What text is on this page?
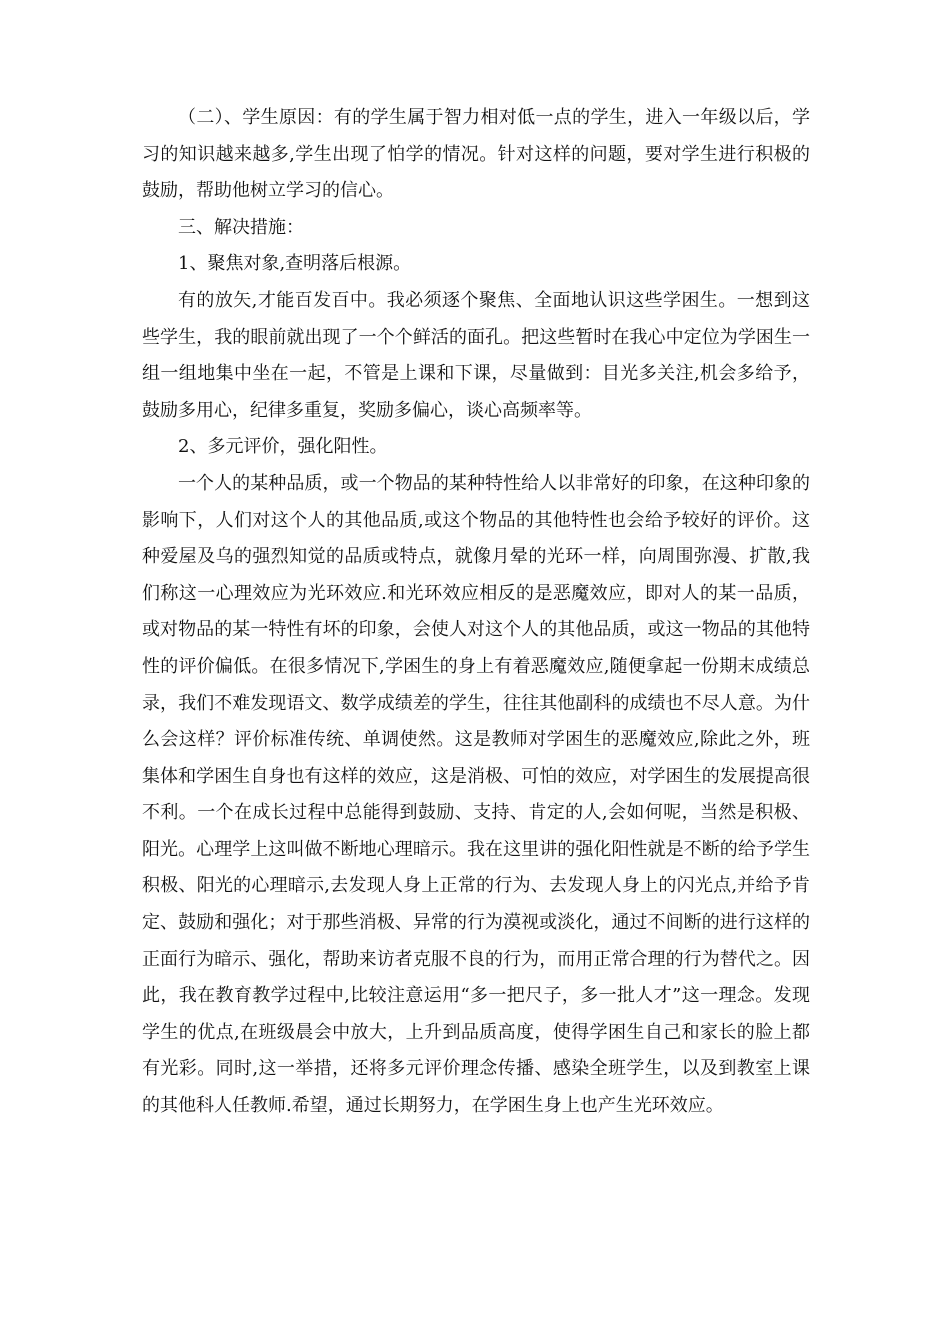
（二）、学生原因：有的学生属于智力相对低一点的学生，进入一年级以后，学习的知识越来越多,学生出现了怕学的情况。针对这样的问题，要对学生进行积极的鼓励，帮助他树立学习的信心。

三、解决措施：

1、聚焦对象,查明落后根源。

有的放矢,才能百发百中。我必须逐个聚焦、全面地认识这些学困生。一想到这些学生，我的眼前就出现了一个个鲜活的面孔。把这些暂时在我心中定位为学困生一组一组地集中坐在一起，不管是上课和下课，尽量做到：目光多关注,机会多给予，鼓励多用心，纪律多重复，奖励多偏心，谈心高频率等。

2、多元评价，强化阳性。

一个人的某种品质，或一个物品的某种特性给人以非常好的印象，在这种印象的影响下，人们对这个人的其他品质,或这个物品的其他特性也会给予较好的评价。这种爱屋及乌的强烈知觉的品质或特点，就像月晕的光环一样，向周围弥漫、扩散,我们称这一心理效应为光环效应.和光环效应相反的是恶魔效应，即对人的某一品质，或对物品的某一特性有坏的印象，会使人对这个人的其他品质，或这一物品的其他特性的评价偏低。在很多情况下,学困生的身上有着恶魔效应,随便拿起一份期末成绩总录，我们不难发现语文、数学成绩差的学生，往往其他副科的成绩也不尽人意。为什么会这样？评价标准传统、单调使然。这是教师对学困生的恶魔效应,除此之外，班集体和学困生自身也有这样的效应，这是消极、可怕的效应，对学困生的发展提高很不利。一个在成长过程中总能得到鼓励、支持、肯定的人,会如何呢，当然是积极、阳光。心理学上这叫做不断地心理暗示。我在这里讲的强化阳性就是不断的给予学生积极、阳光的心理暗示,去发现人身上正常的行为、去发现人身上的闪光点,并给予肯定、鼓励和强化；对于那些消极、异常的行为漠视或淡化，通过不间断的进行这样的正面行为暗示、强化，帮助来访者克服不良的行为，而用正常合理的行为替代之。因此，我在教育教学过程中,比较注意运用“多一把尺子，多一批人才”这一理念。发现学生的优点,在班级晨会中放大，上升到品质高度，使得学困生自己和家长的脸上都有光彩。同时,这一举措，还将多元评价理念传播、感染全班学生，以及到教室上课的其他科人任教师.希望，通过长期努力，在学困生身上也产生光环效应。
